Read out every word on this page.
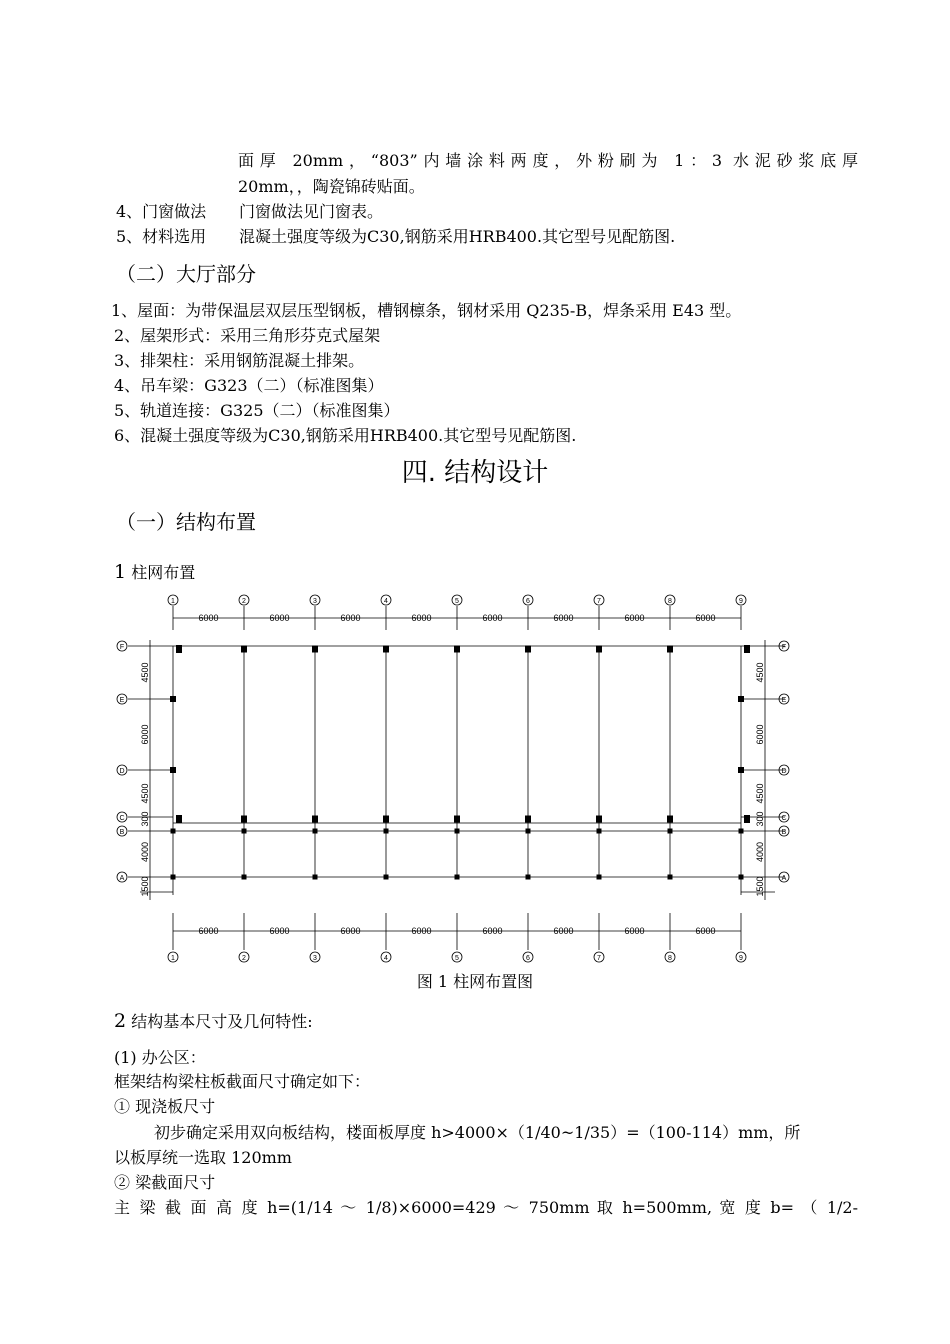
面厚 20mm，“803”内墙涂料两度，外粉刷为 1：3 水泥砂浆底厚
20mm，，陶瓷锦砖贴面。
4、门窗做法 门窗做法见门窗表。
5、材料选用 混凝土强度等级为C30,钢筋采用HRB400.其它型号见配筋图.
（二）大厅部分
1、屋面：为带保温层双层压型钢板，槽钢檩条，钢材采用 Q235-B，焊条采用 E43 型。
2、屋架形式：采用三角形芬克式屋架
3、排架柱：采用钢筋混凝土排架。
4、吊车梁：G323（二）（标准图集）
5、轨道连接：G325（二）（标准图集）
6、混凝土强度等级为C30,钢筋采用HRB400.其它型号见配筋图.
四. 结构设计
（一）结构布置
1 柱网布置
1	2	3	4	5	6	7	8	9
1	2	3	4	5	6	7	8	9
6000
6000
6000
6000
6000
6000
6000
6000
6000
6000
6000
6000
6000
6000
6000
6000
F	F
E	E
D	D
C	C
B	B
A	A
4500	4500
6000	6000
4500	4500
300	300
4000	4000
1500	1500
图 1 柱网布置图
2 结构基本尺寸及几何特性:
(1) 办公区：
框架结构梁柱板截面尺寸确定如下：
① 现浇板尺寸
初步确定采用双向板结构，楼面板厚度 h>4000×（1/40~1/35）=（100-114）mm，所
以板厚统一选取 120mm
② 梁截面尺寸
主 梁 截 面 高 度 h=(1/14 ～ 1/8)×6000=429 ～ 750mm 取 h=500mm, 宽 度 b= （ 1/2-
